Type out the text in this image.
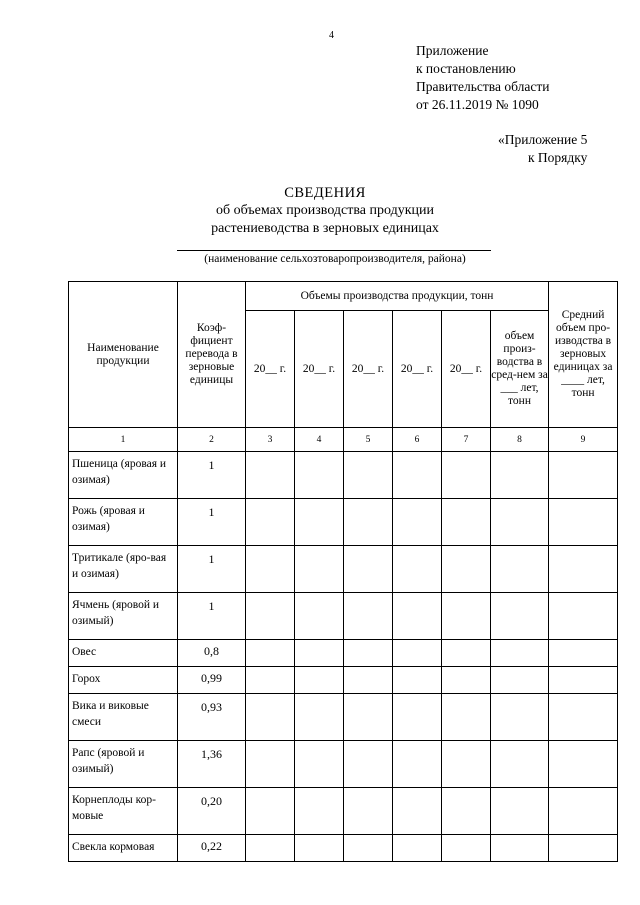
4
Приложение
к постановлению
Правительства области
от 26.11.2019 № 1090
«Приложение 5
к Порядку
СВЕДЕНИЯ
об объемах производства продукции
растениеводства в зерновых единицах
(наименование сельхозтоваропроизводителя, района)
Наименование продукции	Коэф-фициент перевода в зерновые единицы	Объемы производства продукции, тонн						Средний объем про-изводства в зерновых единицах за ____ лет, тонн
		20__ г.	20__ г.	20__ г.	20__ г.	20__ г.	объем произ-водства в сред-нем за ___ лет, тонн	
1	2	3	4	5	6	7	8	9
Пшеница (яровая и озимая)	1							
Рожь (яровая и озимая)	1							
Тритикале (яро-вая и озимая)	1							
Ячмень (яровой и озимый)	1							
Овес	0,8							
Горох	0,99							
Вика и виковые смеси	0,93							
Рапс (яровой и озимый)	1,36							
Корнеплоды кор-мовые	0,20							
Свекла кормовая	0,22							
